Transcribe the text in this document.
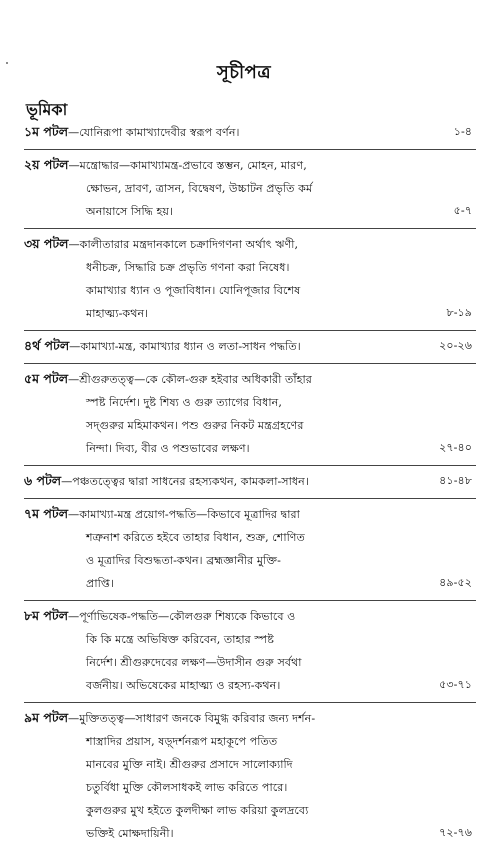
সূচীপত্র
ভূমিকা
১ম পটল—যোনিরূপা কামাখ্যাদেবীর স্বরূপ বর্ণন।	১-৪
২য় পটল—মন্ত্রোদ্ধার—কামাখ্যামন্ত্র-প্রভাবে স্তম্ভন, মোহন, মারণ,
ক্ষোভন, দ্রাবণ, ত্রাসন, বিদ্বেষণ, উচ্চাটন প্রভৃতি কর্ম
অনায়াসে সিদ্ধি হয়।	৫-৭
৩য় পটল—কালীতারার মন্ত্রদানকালে চক্রাদিগণনা অর্থাৎ ঋণী,
ধনীচক্র, সিদ্ধারি চক্র প্রভৃতি গণনা করা নিষেধ।
কামাখ্যার ধ্যান ও পূজাবিধান। যোনিপূজার বিশেষ
মাহাত্ম্য-কথন।	৮-১৯
৪র্থ পটল—কামাখ্যা-মন্ত্র, কামাখ্যার ধ্যান ও লতা-সাধন পদ্ধতি।	২০-২৬
৫ম পটল—শ্রীগুরুতত্ত্ব—কে কৌল-গুরু হইবার অধিকারী তাঁহার
স্পষ্ট নির্দেশ। দুষ্ট শিষ্য ও গুরু ত্যাগের বিধান,
সদ্গুরুর মহিমাকথন। পশু গুরুর নিকট মন্ত্রগ্রহণের
নিন্দা। দিব্য, বীর ও পশুভাবের লক্ষণ।	২৭-৪০
৬ পটল—পঞ্চতত্ত্বের দ্বারা সাধনের রহস্যকথন, কামকলা-সাধন।	৪১-৪৮
৭ম পটল—কামাখ্যা-মন্ত্র প্রয়োগ-পদ্ধতি—কিভাবে মূত্রাদির দ্বারা
শত্রুনাশ করিতে হইবে তাহার বিধান, শুক্র, শোণিত
ও মূত্রাদির বিশুদ্ধতা-কথন। ব্রহ্মজ্ঞানীর মুক্তি-
প্রাপ্তি।	৪৯-৫২
৮ম পটল—পূর্ণাভিষেক-পদ্ধতি—কৌলগুরু শিষ্যকে কিভাবে ও
কি কি মন্ত্রে অভিষিক্ত করিবেন, তাহার স্পষ্ট
নির্দেশ। শ্রীগুরুদেবের লক্ষণ—উদাসীন গুরু সর্বথা
বর্জনীয়। অভিষেকের মাহাত্ম্য ও রহস্য-কথন।	৫৩-৭১
৯ম পটল—মুক্তিতত্ত্ব—সাধারণ জনকে বিমুগ্ধ করিবার জন্য দর্শন-
শাস্ত্রাদির প্রয়াস, ষড়্দর্শনরূপ মহাকূপে পতিত
মানবের মুক্তি নাই। শ্রীগুরুর প্রসাদে সালোক্যাদি
চতুর্বিধা মুক্তি কৌলসাধকই লাভ করিতে পারে।
কুলগুরুর মুখ হইতে কুলদীক্ষা লাভ করিয়া কুলদ্রব্যে
ভক্তিই মোক্ষদায়িনী।	৭২-৭৬
